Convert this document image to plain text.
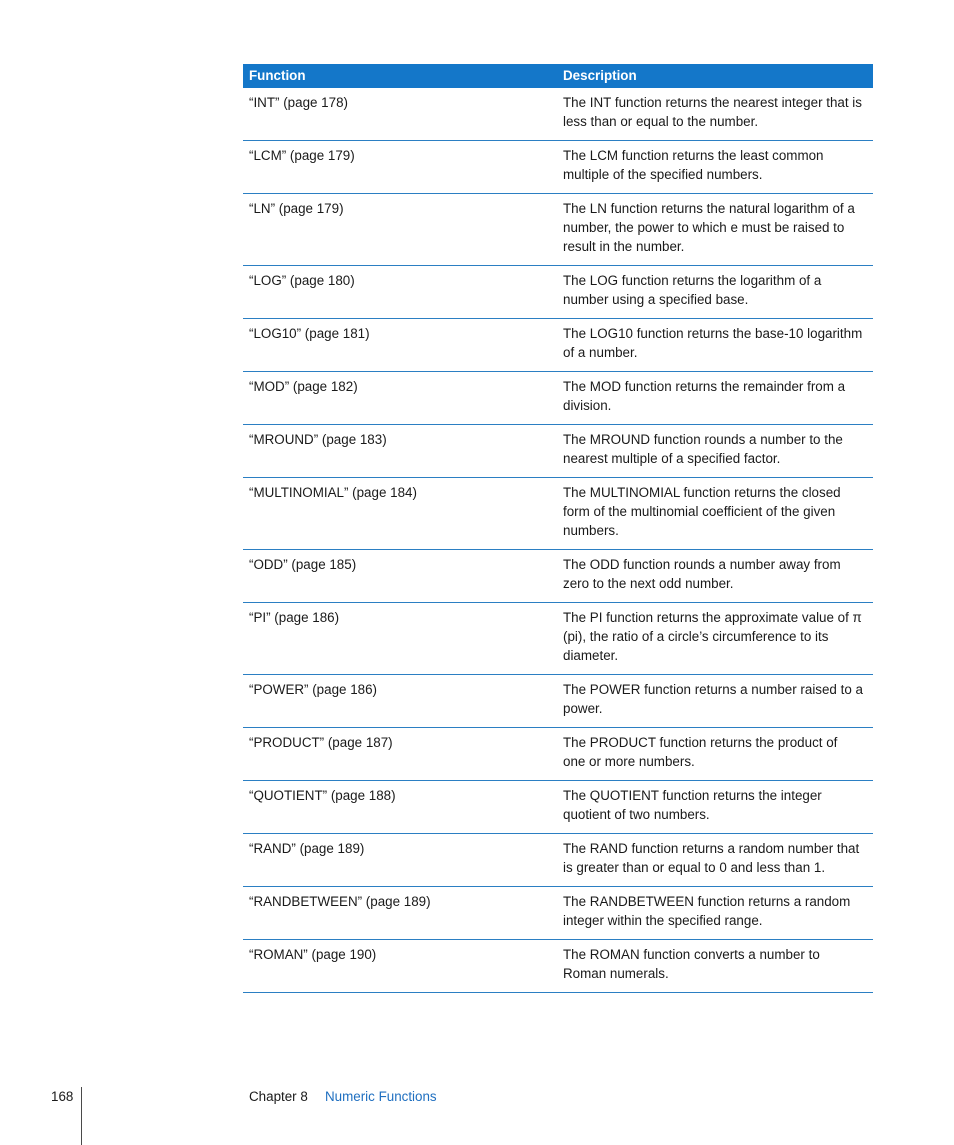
Function	Description
“INT” (page 178)	The INT function returns the nearest integer that is less than or equal to the number.
“LCM” (page 179)	The LCM function returns the least common multiple of the specified numbers.
“LN” (page 179)	The LN function returns the natural logarithm of a number, the power to which e must be raised to result in the number.
“LOG” (page 180)	The LOG function returns the logarithm of a number using a specified base.
“LOG10” (page 181)	The LOG10 function returns the base-10 logarithm of a number.
“MOD” (page 182)	The MOD function returns the remainder from a division.
“MROUND” (page 183)	The MROUND function rounds a number to the nearest multiple of a specified factor.
“MULTINOMIAL” (page 184)	The MULTINOMIAL function returns the closed form of the multinomial coefficient of the given numbers.
“ODD” (page 185)	The ODD function rounds a number away from zero to the next odd number.
“PI” (page 186)	The PI function returns the approximate value of π (pi), the ratio of a circle’s circumference to its diameter.
“POWER” (page 186)	The POWER function returns a number raised to a power.
“PRODUCT” (page 187)	The PRODUCT function returns the product of one or more numbers.
“QUOTIENT” (page 188)	The QUOTIENT function returns the integer quotient of two numbers.
“RAND” (page 189)	The RAND function returns a random number that is greater than or equal to 0 and less than 1.
“RANDBETWEEN” (page 189)	The RANDBETWEEN function returns a random integer within the specified range.
“ROMAN” (page 190)	The ROMAN function converts a number to Roman numerals.
168	Chapter 8 Numeric Functions
